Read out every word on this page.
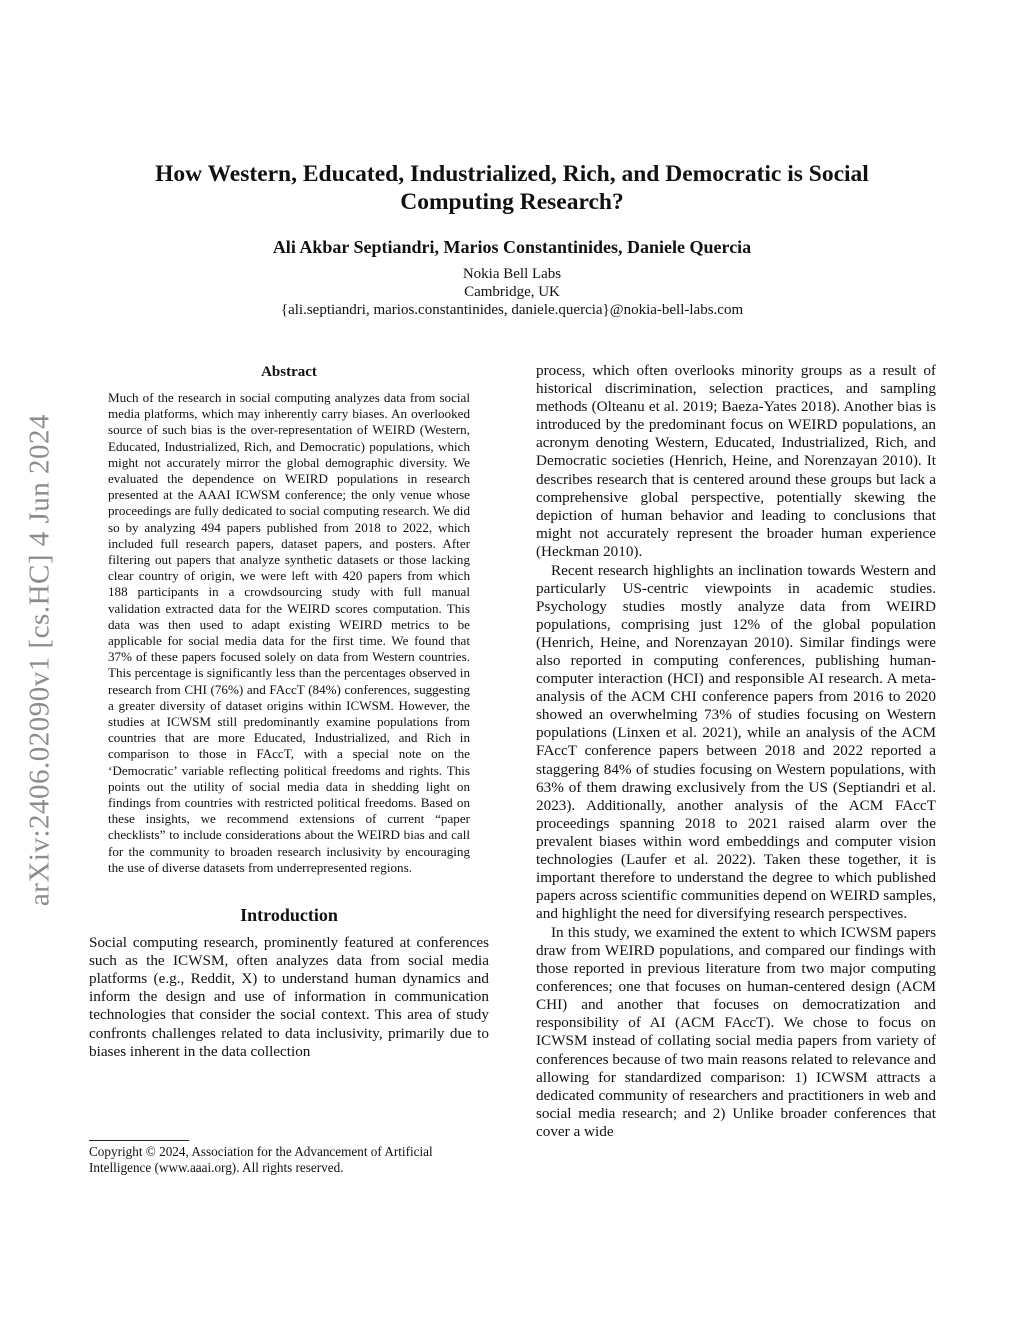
arXiv:2406.02090v1 [cs.HC] 4 Jun 2024
How Western, Educated, Industrialized, Rich, and Democratic is Social Computing Research?
Ali Akbar Septiandri, Marios Constantinides, Daniele Quercia
Nokia Bell Labs
Cambridge, UK
{ali.septiandri, marios.constantinides, daniele.quercia}@nokia-bell-labs.com
Abstract

Much of the research in social computing analyzes data from social media platforms, which may inherently carry biases. An overlooked source of such bias is the over-representation of WEIRD (Western, Educated, Industrialized, Rich, and Democratic) populations, which might not accurately mirror the global demographic diversity. We evaluated the dependence on WEIRD populations in research presented at the AAAI ICWSM conference; the only venue whose proceedings are fully dedicated to social computing research. We did so by analyzing 494 papers published from 2018 to 2022, which included full research papers, dataset papers, and posters. After filtering out papers that analyze synthetic datasets or those lacking clear country of origin, we were left with 420 papers from which 188 participants in a crowdsourcing study with full manual validation extracted data for the WEIRD scores computation. This data was then used to adapt existing WEIRD metrics to be applicable for social media data for the first time. We found that 37% of these papers focused solely on data from Western countries. This percentage is significantly less than the percentages observed in research from CHI (76%) and FAccT (84%) conferences, suggesting a greater diversity of dataset origins within ICWSM. However, the studies at ICWSM still predominantly examine populations from countries that are more Educated, Industrialized, and Rich in comparison to those in FAccT, with a special note on the ‘Democratic’ variable reflecting political freedoms and rights. This points out the utility of social media data in shedding light on findings from countries with restricted political freedoms. Based on these insights, we recommend extensions of current “paper checklists” to include considerations about the WEIRD bias and call for the community to broaden research inclusivity by encouraging the use of diverse datasets from underrepresented regions.

Introduction

Social computing research, prominently featured at conferences such as the ICWSM, often analyzes data from social media platforms (e.g., Reddit, X) to understand human dynamics and inform the design and use of information in communication technologies that consider the social context. This area of study confronts challenges related to data inclusivity, primarily due to biases inherent in the data collection

Copyright © 2024, Association for the Advancement of Artificial Intelligence (www.aaai.org). All rights reserved.

process, which often overlooks minority groups as a result of historical discrimination, selection practices, and sampling methods (Olteanu et al. 2019; Baeza-Yates 2018). Another bias is introduced by the predominant focus on WEIRD populations, an acronym denoting Western, Educated, Industrialized, Rich, and Democratic societies (Henrich, Heine, and Norenzayan 2010). It describes research that is centered around these groups but lack a comprehensive global perspective, potentially skewing the depiction of human behavior and leading to conclusions that might not accurately represent the broader human experience (Heckman 2010).

Recent research highlights an inclination towards Western and particularly US-centric viewpoints in academic studies. Psychology studies mostly analyze data from WEIRD populations, comprising just 12% of the global population (Henrich, Heine, and Norenzayan 2010). Similar findings were also reported in computing conferences, publishing human-computer interaction (HCI) and responsible AI research. A meta-analysis of the ACM CHI conference papers from 2016 to 2020 showed an overwhelming 73% of studies focusing on Western populations (Linxen et al. 2021), while an analysis of the ACM FAccT conference papers between 2018 and 2022 reported a staggering 84% of studies focusing on Western populations, with 63% of them drawing exclusively from the US (Septiandri et al. 2023). Additionally, another analysis of the ACM FAccT proceedings spanning 2018 to 2021 raised alarm over the prevalent biases within word embeddings and computer vision technologies (Laufer et al. 2022). Taken these together, it is important therefore to understand the degree to which published papers across scientific communities depend on WEIRD samples, and highlight the need for diversifying research perspectives.

In this study, we examined the extent to which ICWSM papers draw from WEIRD populations, and compared our findings with those reported in previous literature from two major computing conferences; one that focuses on human-centered design (ACM CHI) and another that focuses on democratization and responsibility of AI (ACM FAccT). We chose to focus on ICWSM instead of collating social media papers from variety of conferences because of two main reasons related to relevance and allowing for standardized comparison: 1) ICWSM attracts a dedicated community of researchers and practitioners in web and social media research; and 2) Unlike broader conferences that cover a wide
